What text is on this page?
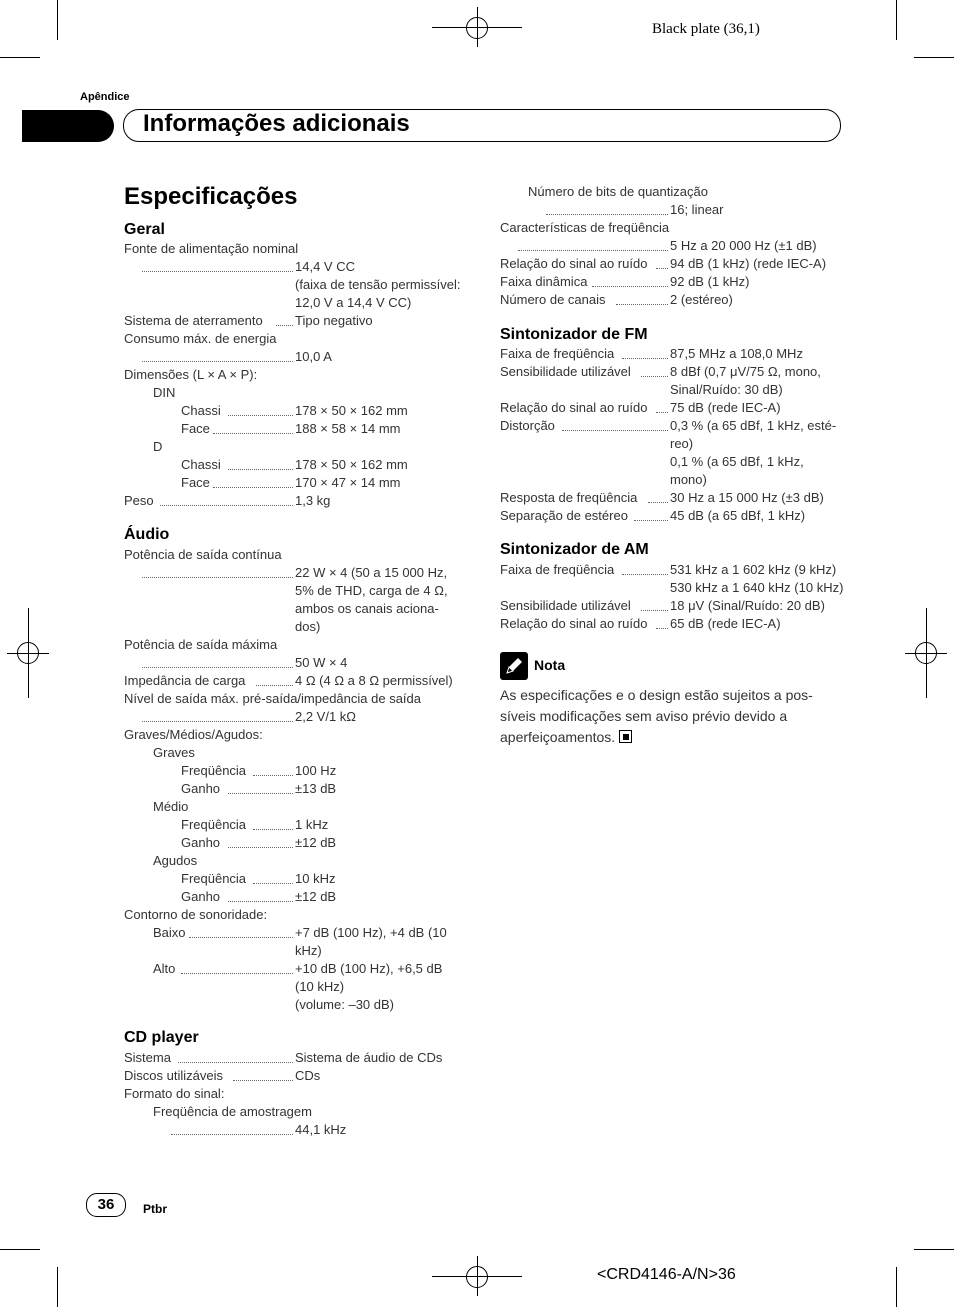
Black plate (36,1)
Apêndice
Informações adicionais
Especificações
Geral
Fonte de alimentação nominal
14,4 V CC
(faixa de tensão permissível:
12,0 V a 14,4 V CC)
Sistema de aterramento Tipo negativo
Consumo máx. de energia
10,0 A
Dimensões (L × A × P):
DIN
Chassi	178 × 50 × 162 mm
Face	188 × 58 × 14 mm
D
Chassi	178 × 50 × 162 mm
Face	170 × 47 × 14 mm
Peso	1,3 kg
Áudio
Potência de saída contínua
22 W × 4 (50 a 15 000 Hz,
5% de THD, carga de 4 Ω,
ambos os canais aciona-
dos)
Potência de saída máxima
50 W × 4
Impedância de carga	4 Ω (4 Ω a 8 Ω permissível)
Nível de saída máx. pré-saída/impedância de saída
2,2 V/1 kΩ
Graves/Médios/Agudos:
Graves
Freqüência	100 Hz
Ganho	±13 dB
Médio
Freqüência	1 kHz
Ganho	±12 dB
Agudos
Freqüência	10 kHz
Ganho	±12 dB
Contorno de sonoridade:
Baixo	+7 dB (100 Hz), +4 dB (10
kHz)
Alto	+10 dB (100 Hz), +6,5 dB
(10 kHz)
(volume: –30 dB)
CD player
Sistema	Sistema de áudio de CDs
Discos utilizáveis	CDs
Formato do sinal:
Freqüência de amostragem
44,1 kHz
Número de bits de quantização
16; linear
Características de freqüência
5 Hz a 20 000 Hz (±1 dB)
Relação do sinal ao ruído 94 dB (1 kHz) (rede IEC-A)
Faixa dinâmica	92 dB (1 kHz)
Número de canais	2 (estéreo)
Sintonizador de FM
Faixa de freqüência	87,5 MHz a 108,0 MHz
Sensibilidade utilizável	8 dBf (0,7 μV/75 Ω, mono,
Sinal/Ruído: 30 dB)
Relação do sinal ao ruído 75 dB (rede IEC-A)
Distorção	0,3 % (a 65 dBf, 1 kHz, esté-
reo)
0,1 % (a 65 dBf, 1 kHz,
mono)
Resposta de freqüência	30 Hz a 15 000 Hz (±3 dB)
Separação de estéreo	45 dB (a 65 dBf, 1 kHz)
Sintonizador de AM
Faixa de freqüência	531 kHz a 1 602 kHz (9 kHz)
530 kHz a 1 640 kHz (10 kHz)
Sensibilidade utilizável	18 μV (Sinal/Ruído: 20 dB)
Relação do sinal ao ruído 65 dB (rede IEC-A)
Nota
As especificações e o design estão sujeitos a pos-
síveis modificações sem aviso prévio devido a
aperfeiçoamentos.
36	Ptbr
<CRD4146-A/N>36
